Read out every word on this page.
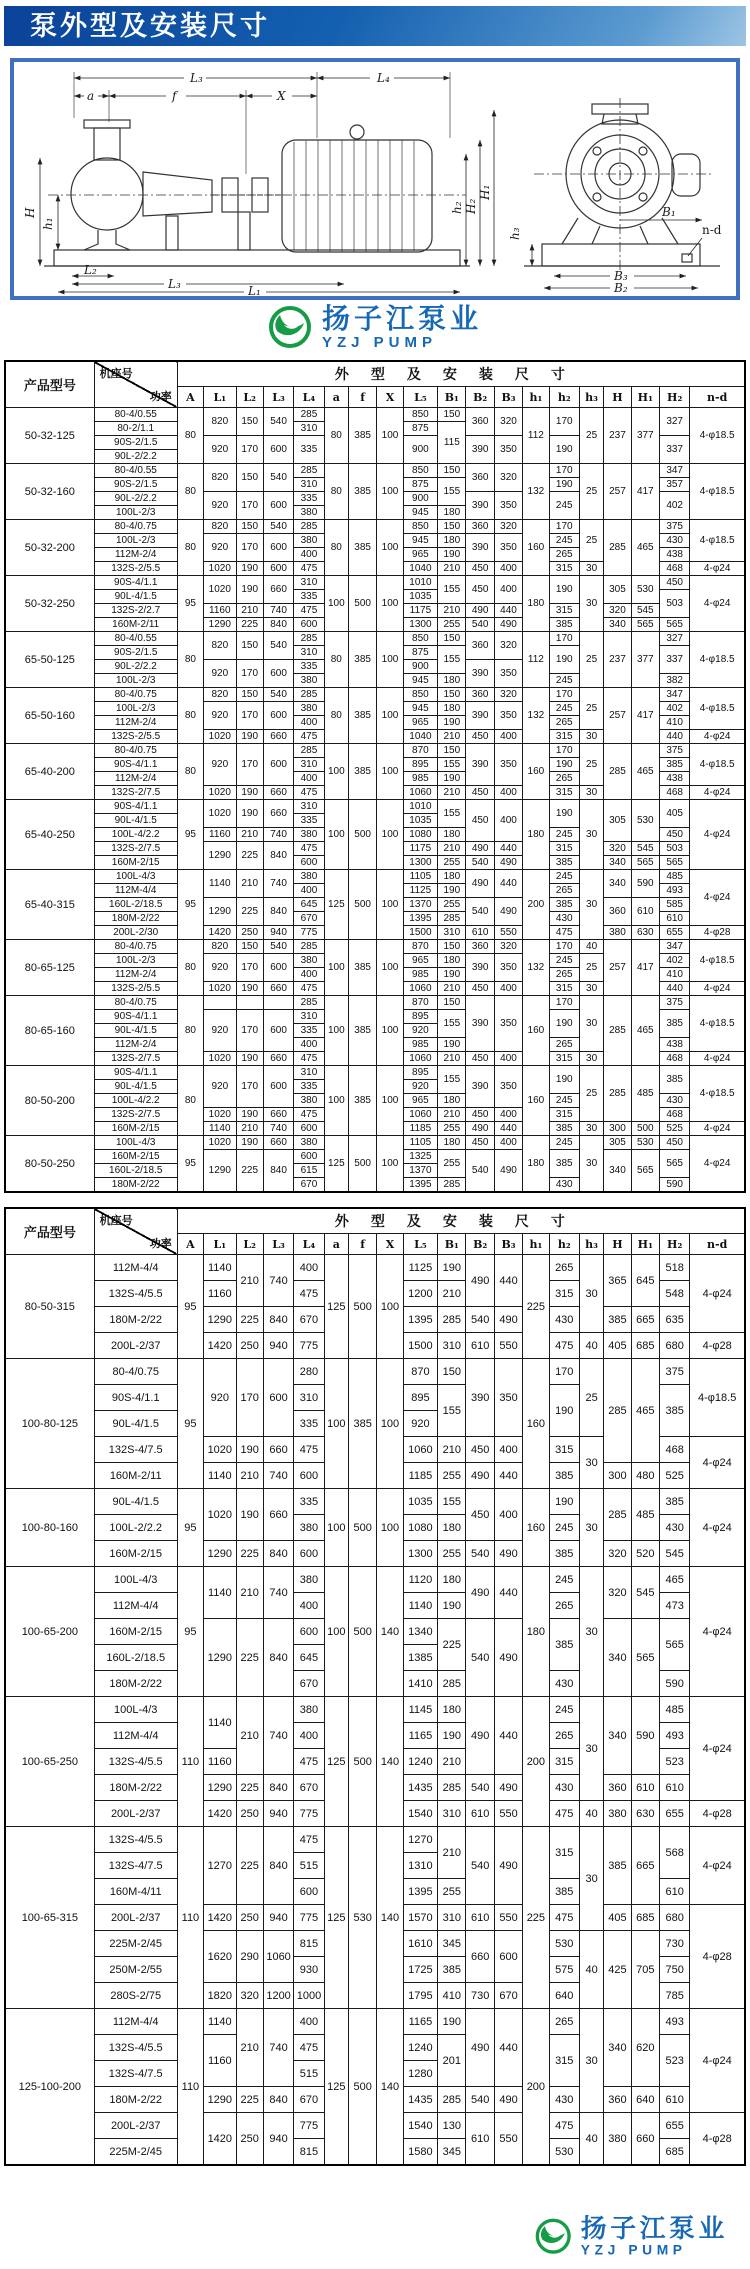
泵外型及安装尺寸
L₃	L₄
a	f	X
H
h₁
h₂ H₂
H₁
L₂
L₃	L₁
B₁
h₃	n-d
B₃
B₂
扬子江泵业
YZJ PUMP
产品型号	机座号
功率	外型及安装尺寸																		
		A	L₁	L₂	L₃	L₄	a	f	X	L₅	B₁	B₂	B₃	h₁	h₂	h₃	H	H₁	H₂	n-d
50-32-125	80-4/0.55	80	820	150	540	285	80	385	100	850	150	360	320	112	170	25	237	377	327	4-φ18.5
	80-2/1.1					310				875	115									
	90S-2/1.5		920	170	600	335				900		390	350		190				337	
	90L-2/2.2																			
50-32-160	80-4/0.55	80	820	150	540	285	80	385	100	850	150	360	320	132	170	25	257	417	347	4-φ18.5
	90S-2/1.5					310				875	155				190				357	
	90L-2/2.2		920	170	600	335				900		390	350		245				402	
	100L-2/3					380				945	180									
50-32-200	80-4/0.75	80	820	150	540	285	80	385	100	850	150	360	320	160	170	25	285	465	375	4-φ18.5
	100L-2/3		920	170	600	380				945	180	390	350		245				430	
	112M-2/4					400				965	190				265				438	
	132S-2/5.5		1020	190	600	475				1040	210	450	400		315	30			468	4-φ24
50-32-250	90S-4/1.1	95	1020	190	660	310	100	500	100	1010	155	450	400	180	190	30	305	530	450	4-φ24
	90L-4/1.5					335				1035									503	
	132S-2/2.7		1160	210	740	475				1175	210	490	440		315		320	545		
	160M-2/11		1290	225	840	600				1300	255	540	490		385		340	565	565	
65-50-125	80-4/0.55	80	820	150	540	285	80	385	100	850	150	360	320	112	170	25	237	377	327	4-φ18.5
	90S-2/1.5					310				875	155				190				337	
	90L-2/2.2		920	170	600	335				900		390	350							
	100L-2/3					380				945	180				245				382	
65-50-160	80-4/0.75	80	820	150	540	285	80	385	100	850	150	360	320	132	170	25	257	417	347	4-φ18.5
	100L-2/3		920	170	600	380				945	180	390	350		245				402	
	112M-2/4					400				965	190				265				410	
	132S-2/5.5		1020	190	660	475				1040	210	450	400		315	30			440	4-φ24
65-40-200	80-4/0.75	80	920	170	600	285	100	385	100	870	150	390	350	160	170	25	285	465	375	4-φ18.5
	90S-4/1.1					310				895	155				190				385	
	112M-2/4					400				985	190				265				438	
	132S-2/7.5		1020	190	660	475				1060	210	450	400		315	30			468	4-φ24
65-40-250	90S-4/1.1	95	1020	190	660	310	100	500	100	1010	155	450	400	180	190	30	305	530	405	4-φ24
	90L-4/1.5					335				1035										
	100L-4/2.2		1160	210	740	380				1080	180				245				450	
	132S-2/7.5		1290	225	840	475				1175	210	490	440		315		320	545	503	
	160M-2/15					600				1300	255	540	490		385		340	565	565	
65-40-315	100L-4/3	95	1140	210	740	380	125	500	100	1105	180	490	440	200	245	30	340	590	485	4-φ24
	112M-4/4					400				1125	190				265				493	
	160L-2/18.5		1290	225	840	645				1370	255	540	490		385		360	610	585	
	180M-2/22					670				1395	285				430				610	
	200L-2/30		1420	250	940	775				1500	310	610	550		475		380	630	655	4-φ28
80-65-125	80-4/0.75	80	820	150	540	285	100	385	100	870	150	360	320	132	170	40	257	417	347	4-φ18.5
	100L-2/3		920	170	600	380				965	180	390	350		245	25			402	
	112M-2/4					400				985	190				265				410	
	132S-2/5.5		1020	190	660	475				1060	210	450	400		315	30			440	4-φ24
80-65-160	80-4/0.75	80				285	100	385	100	870	150	390	350	160	170	30	285	465	375	4-φ18.5
	90S-4/1.1		920	170	600	310				895	155				190				385	
	90L-4/1.5					335				920										
	112M-2/4					400				985	190				265				438	
	132S-2/7.5		1020	190	660	475				1060	210	450	400		315	30			468	4-φ24
80-50-200	90S-4/1.1	80	920	170	600	310	100	385	100	895	155	390	350	160	190	25	285	485	385	4-φ18.5
	90L-4/1.5					335				920										
	100L-4/2.2					380				965	180				245				430	
	132S-2/7.5		1020	190	660	475				1060	210	450	400		315				468	
	160M-2/15		1140	210	740	600				1185	255	490	440		385	30	300	500	525	4-φ24
80-50-250	100L-4/3	95	1020	190	660	380	125	500	100	1105	180	450	400	180	245	30	305	530	450	4-φ24
	160M-2/15		1290	225	840	600				1325	255	540	490		385		340	565	565	
	160L-2/18.5					615				1370										
	180M-2/22					670				1395	285				430				590	
产品型号	机座号
功率	外型及安装尺寸																		
		A	L₁	L₂	L₃	L₄	a	f	X	L₅	B₁	B₂	B₃	h₁	h₂	h₃	H	H₁	H₂	n-d
80-50-315	112M-4/4	95	1140	210	740	400	125	500	100	1125	190	490	440	225	265	30	365	645	518	4-φ24
	132S-4/5.5		1160			475				1200	210				315				548	
	180M-2/22		1290	225	840	670				1395	285	540	490		430		385	665	635	
	200L-2/37		1420	250	940	775				1500	310	610	550		475	40	405	685	680	4-φ28
100-80-125	80-4/0.75	95	920	170	600	280	100	385	100	870	150	390	350	160	170	25	285	465	375	4-φ18.5
	90S-4/1.1					310				895	155				190				385	
	90L-4/1.5					335				920										
	132S-4/7.5		1020	190	660	475				1060	210	450	400		315	30			468	4-φ24
	160M-2/11		1140	210	740	600				1185	255	490	440		385		300	480	525	
100-80-160	90L-4/1.5	95	1020	190	660	335	100	500	100	1035	155	450	400	160	190	30	285	485	385	4-φ24
	100L-2/2.2					380				1080	180				245				430	
	160M-2/15		1290	225	840	600				1300	255	540	490		385		320	520	545	
100-65-200	100L-4/3	95	1140	210	740	380	100	500	140	1120	180	490	440	180	245	30	320	545	465	4-φ24
	112M-4/4					400				1140	190				265				473	
	160M-2/15		1290	225	840	600				1340	225	540	490		385		340	565	565	
	160L-2/18.5					645				1385										
	180M-2/22					670				1410	285				430				590	
100-65-250	100L-4/3	110	1140	210	740	380	125	500	140	1145	180	490	440	200	245	30	340	590	485	4-φ24
	112M-4/4					400				1165	190				265				493	
	132S-4/5.5		1160			475				1240	210				315				523	
	180M-2/22		1290	225	840	670				1435	285	540	490		430		360	610	610	
	200L-2/37		1420	250	940	775				1540	310	610	550		475	40	380	630	655	4-φ28
100-65-315	132S-4/5.5	110	1270	225	840	475	125	530	140	1270	210	540	490	225	315	30	385	665	568	4-φ24
	132S-4/7.5					515				1310										
	160M-4/11					600				1395	255				385				610	
	200L-2/37		1420	250	940	775				1570	310	610	550		475		405	685	680	4-φ28
	225M-2/45		1620	290	1060	815				1610	345	660	600		530	40	425	705	730	
	250M-2/55					930				1725	385				575				750	
	280S-2/75		1820	320	1200	1000				1795	410	730	670		640				785	
125-100-200	112M-4/4	110	1140	210	740	400	125	500	140	1165	190	490	440	200	265	30	340	620	493	4-φ24
	132S-4/5.5		1160			475				1240	201				315				523	
	132S-4/7.5					515				1280										
	180M-2/22		1290	225	840	670				1435	285	540	490		430		360	640	610	
	200L-2/37		1420	250	940	775				1540	130	610	550		475	40	380	660	655	4-φ28
	225M-2/45					815				1580	345				530				685	
扬子江泵业
YZJ PUMP
